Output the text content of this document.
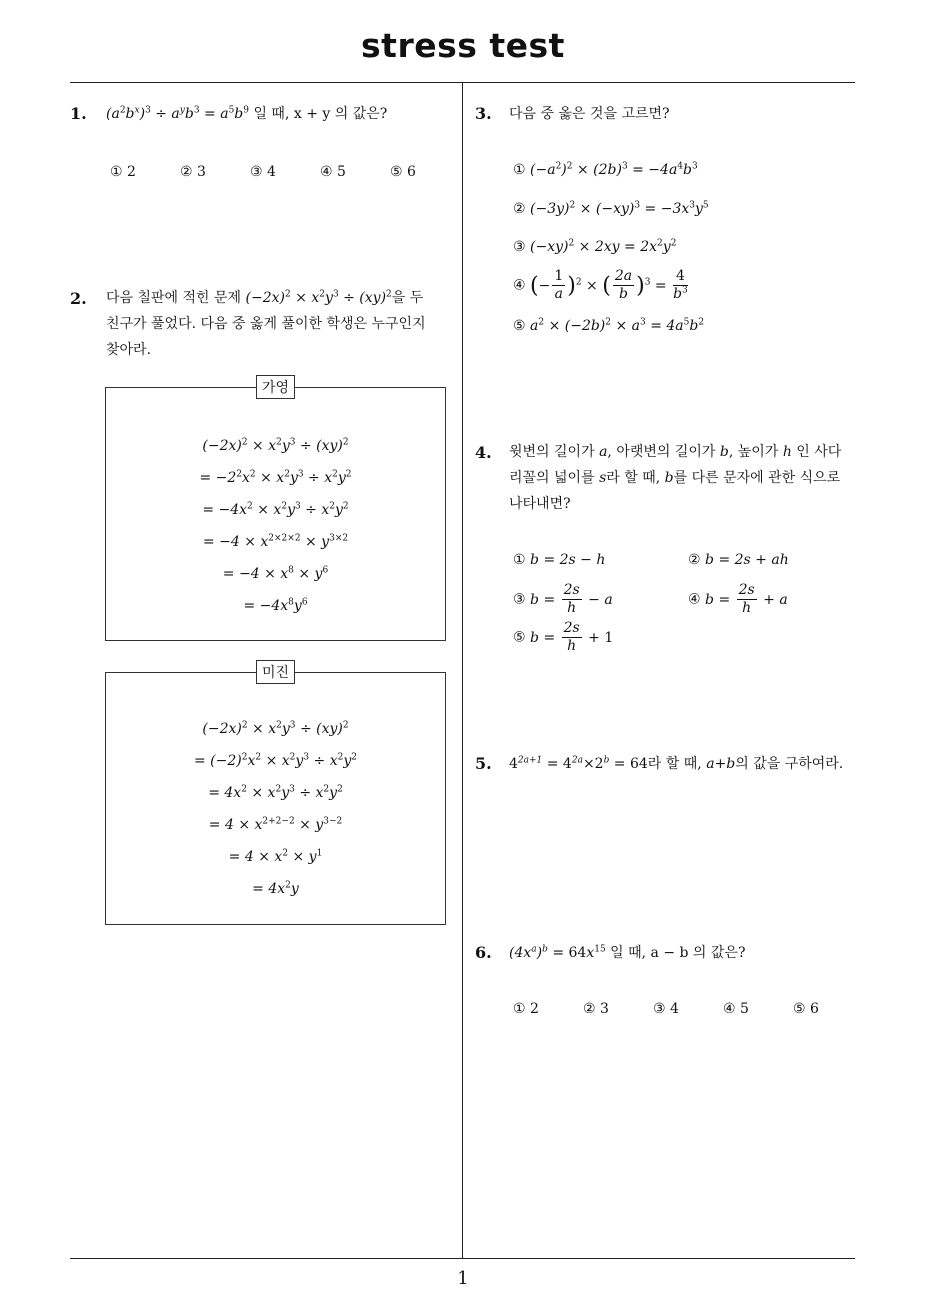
stress test
1
1. $(a^2b^x)^3 \div a^yb^3 = a^5b^9$ 일 때, x + y 의 값은?
① 2	② 3	③ 4	④ 5	⑤ 6
2. 다음 칠판에 적힌 문제 $(-2x)^2 \times x^2y^3 \div (xy)^2$을 두
친구가 풀었다. 다음 중 옳게 풀이한 학생은 누구인지
찾아라.
$(-2x)^2 \times x^2y^3 \div (xy)^2$
= $-2^2x^2 \times x^2y^3 \div x^2y^2$
= $-4x^2 \times x^2y^3 \div x^2y^2$
= $-4 \times x^{2\times 2\times 2} \times y^{3\times 2}$
= $-4 \times x^8 \times y^6$
= $-4x^8y^6$
가영
$(-2x)^2 \times x^2y^3 \div (xy)^2$
= $(-2)^2x^2 \times x^2y^3 \div x^2y^2$
= $4x^2 \times x^2y^3 \div x^2y^2$
= $4 \times x^{2+2-2} \times y^{3-2}$
= $4 \times x^2 \times y^1$
= $4x^2y$
미진
3. 다음 중 옳은 것을 고르면?
① $(-a^2)^2 \times (2b)^3 = -4a^4b^3$
② $(-3y)^2 \times (-xy)^3 = -3x^3y^5$
③ $(-xy)^2 \times 2xy = 2x^2y^2$
④ (− $\frac{1}{a} )^2$ × ( $\frac{2a}{b} )^3 = \frac{4}{b^3}$
⑤ $a^2 \times (-2b)^2 \times a^3 = 4a^5b^2$
4. 윗변의 길이가 a, 아랫변의 길이가 b, 높이가 h 인 사다
리꼴의 넓이를 s라 할 때, b를 다른 문자에 관한 식으로
나타내면?
① b = 2s − h	② b = 2s + ah
③ $b = \frac{2s}{h} - a$	④ $b = \frac{2s}{h} + a$
⑤ $b = \frac{2s}{h} + 1$
5. $4^{2a+1} = 4^{2a}\times 2^b = 64$라 할 때, a+b의 값을 구하여라.
6. $(4x^a)^b = 64x^{15}$ 일 때, a − b 의 값은?
① 2	② 3	③ 4	④ 5	⑤ 6
